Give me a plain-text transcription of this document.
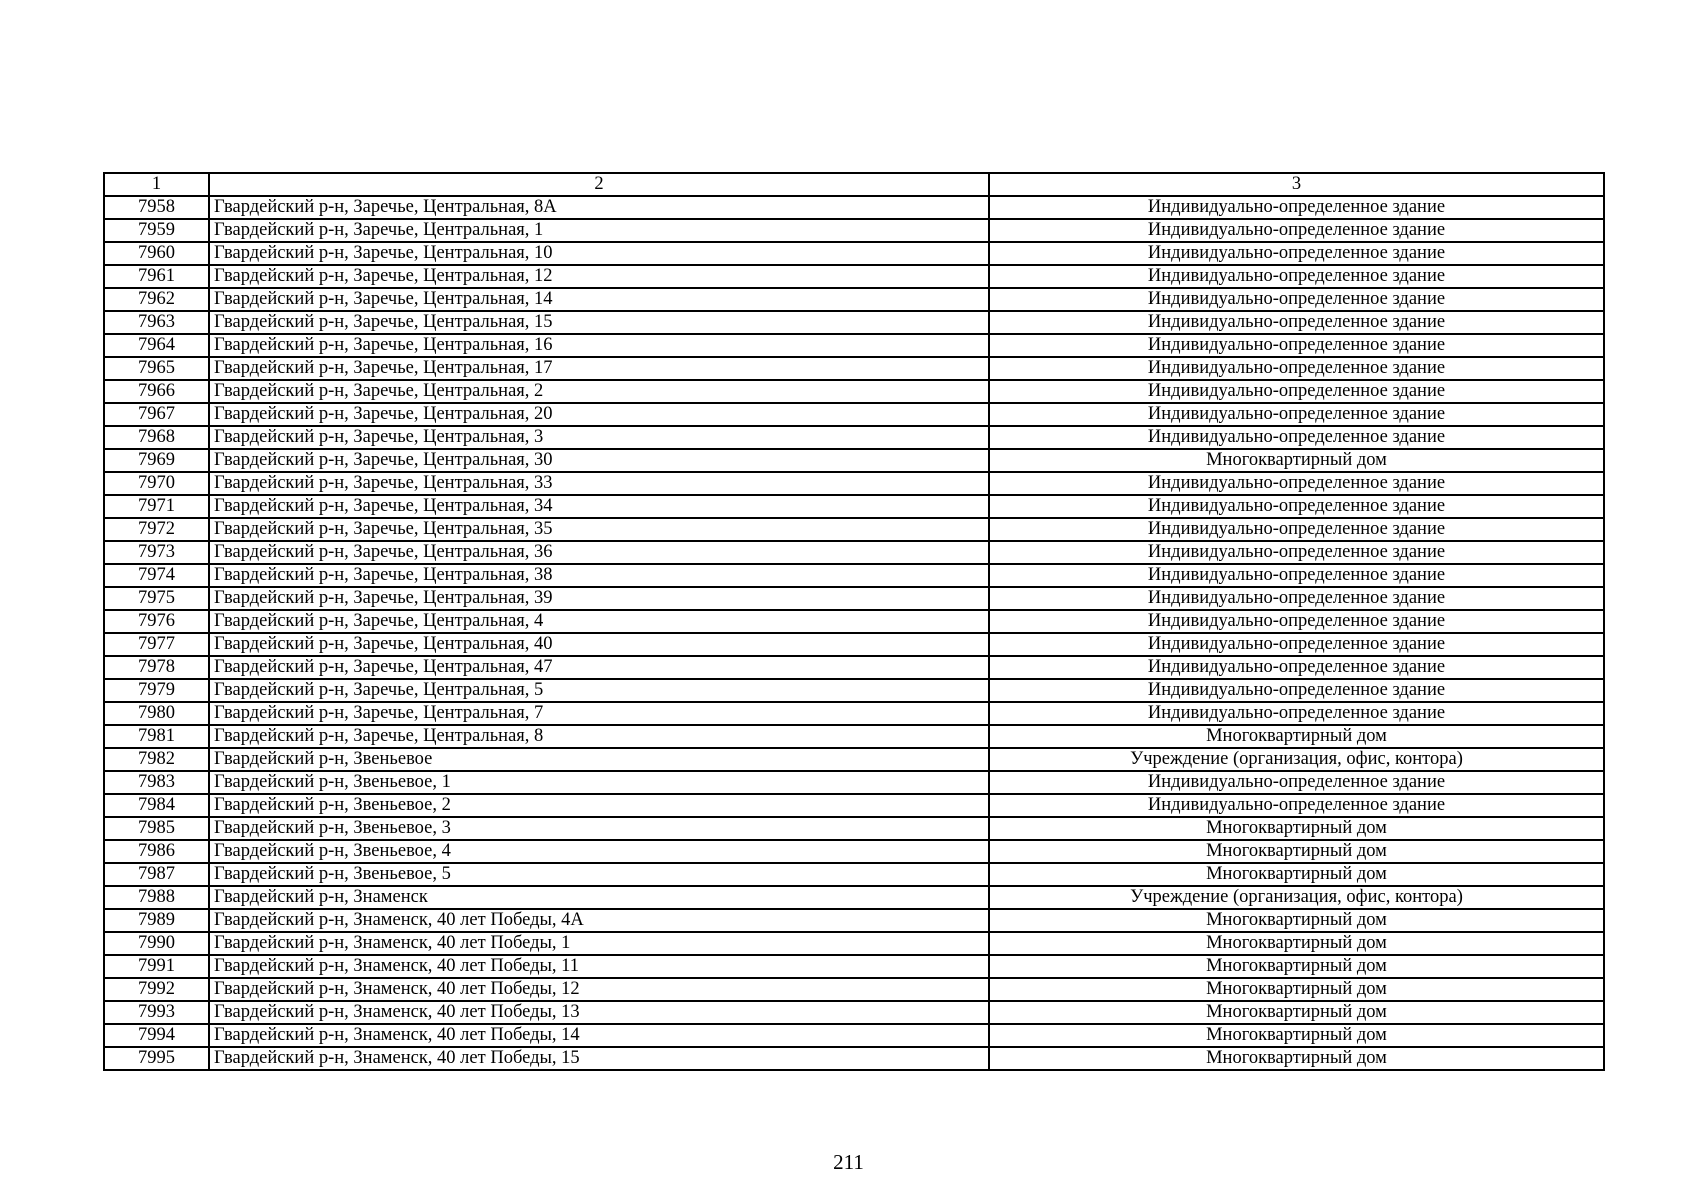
1	2	3
7958	Гвардейский р-н, Заречье, Центральная, 8А	Индивидуально-определенное здание
7959	Гвардейский р-н, Заречье, Центральная, 1	Индивидуально-определенное здание
7960	Гвардейский р-н, Заречье, Центральная, 10	Индивидуально-определенное здание
7961	Гвардейский р-н, Заречье, Центральная, 12	Индивидуально-определенное здание
7962	Гвардейский р-н, Заречье, Центральная, 14	Индивидуально-определенное здание
7963	Гвардейский р-н, Заречье, Центральная, 15	Индивидуально-определенное здание
7964	Гвардейский р-н, Заречье, Центральная, 16	Индивидуально-определенное здание
7965	Гвардейский р-н, Заречье, Центральная, 17	Индивидуально-определенное здание
7966	Гвардейский р-н, Заречье, Центральная, 2	Индивидуально-определенное здание
7967	Гвардейский р-н, Заречье, Центральная, 20	Индивидуально-определенное здание
7968	Гвардейский р-н, Заречье, Центральная, 3	Индивидуально-определенное здание
7969	Гвардейский р-н, Заречье, Центральная, 30	Многоквартирный дом
7970	Гвардейский р-н, Заречье, Центральная, 33	Индивидуально-определенное здание
7971	Гвардейский р-н, Заречье, Центральная, 34	Индивидуально-определенное здание
7972	Гвардейский р-н, Заречье, Центральная, 35	Индивидуально-определенное здание
7973	Гвардейский р-н, Заречье, Центральная, 36	Индивидуально-определенное здание
7974	Гвардейский р-н, Заречье, Центральная, 38	Индивидуально-определенное здание
7975	Гвардейский р-н, Заречье, Центральная, 39	Индивидуально-определенное здание
7976	Гвардейский р-н, Заречье, Центральная, 4	Индивидуально-определенное здание
7977	Гвардейский р-н, Заречье, Центральная, 40	Индивидуально-определенное здание
7978	Гвардейский р-н, Заречье, Центральная, 47	Индивидуально-определенное здание
7979	Гвардейский р-н, Заречье, Центральная, 5	Индивидуально-определенное здание
7980	Гвардейский р-н, Заречье, Центральная, 7	Индивидуально-определенное здание
7981	Гвардейский р-н, Заречье, Центральная, 8	Многоквартирный дом
7982	Гвардейский р-н, Звеньевое	Учреждение (организация, офис, контора)
7983	Гвардейский р-н, Звеньевое, 1	Индивидуально-определенное здание
7984	Гвардейский р-н, Звеньевое, 2	Индивидуально-определенное здание
7985	Гвардейский р-н, Звеньевое, 3	Многоквартирный дом
7986	Гвардейский р-н, Звеньевое, 4	Многоквартирный дом
7987	Гвардейский р-н, Звеньевое, 5	Многоквартирный дом
7988	Гвардейский р-н, Знаменск	Учреждение (организация, офис, контора)
7989	Гвардейский р-н, Знаменск, 40 лет Победы, 4А	Многоквартирный дом
7990	Гвардейский р-н, Знаменск, 40 лет Победы, 1	Многоквартирный дом
7991	Гвардейский р-н, Знаменск, 40 лет Победы, 11	Многоквартирный дом
7992	Гвардейский р-н, Знаменск, 40 лет Победы, 12	Многоквартирный дом
7993	Гвардейский р-н, Знаменск, 40 лет Победы, 13	Многоквартирный дом
7994	Гвардейский р-н, Знаменск, 40 лет Победы, 14	Многоквартирный дом
7995	Гвардейский р-н, Знаменск, 40 лет Победы, 15	Многоквартирный дом
211
